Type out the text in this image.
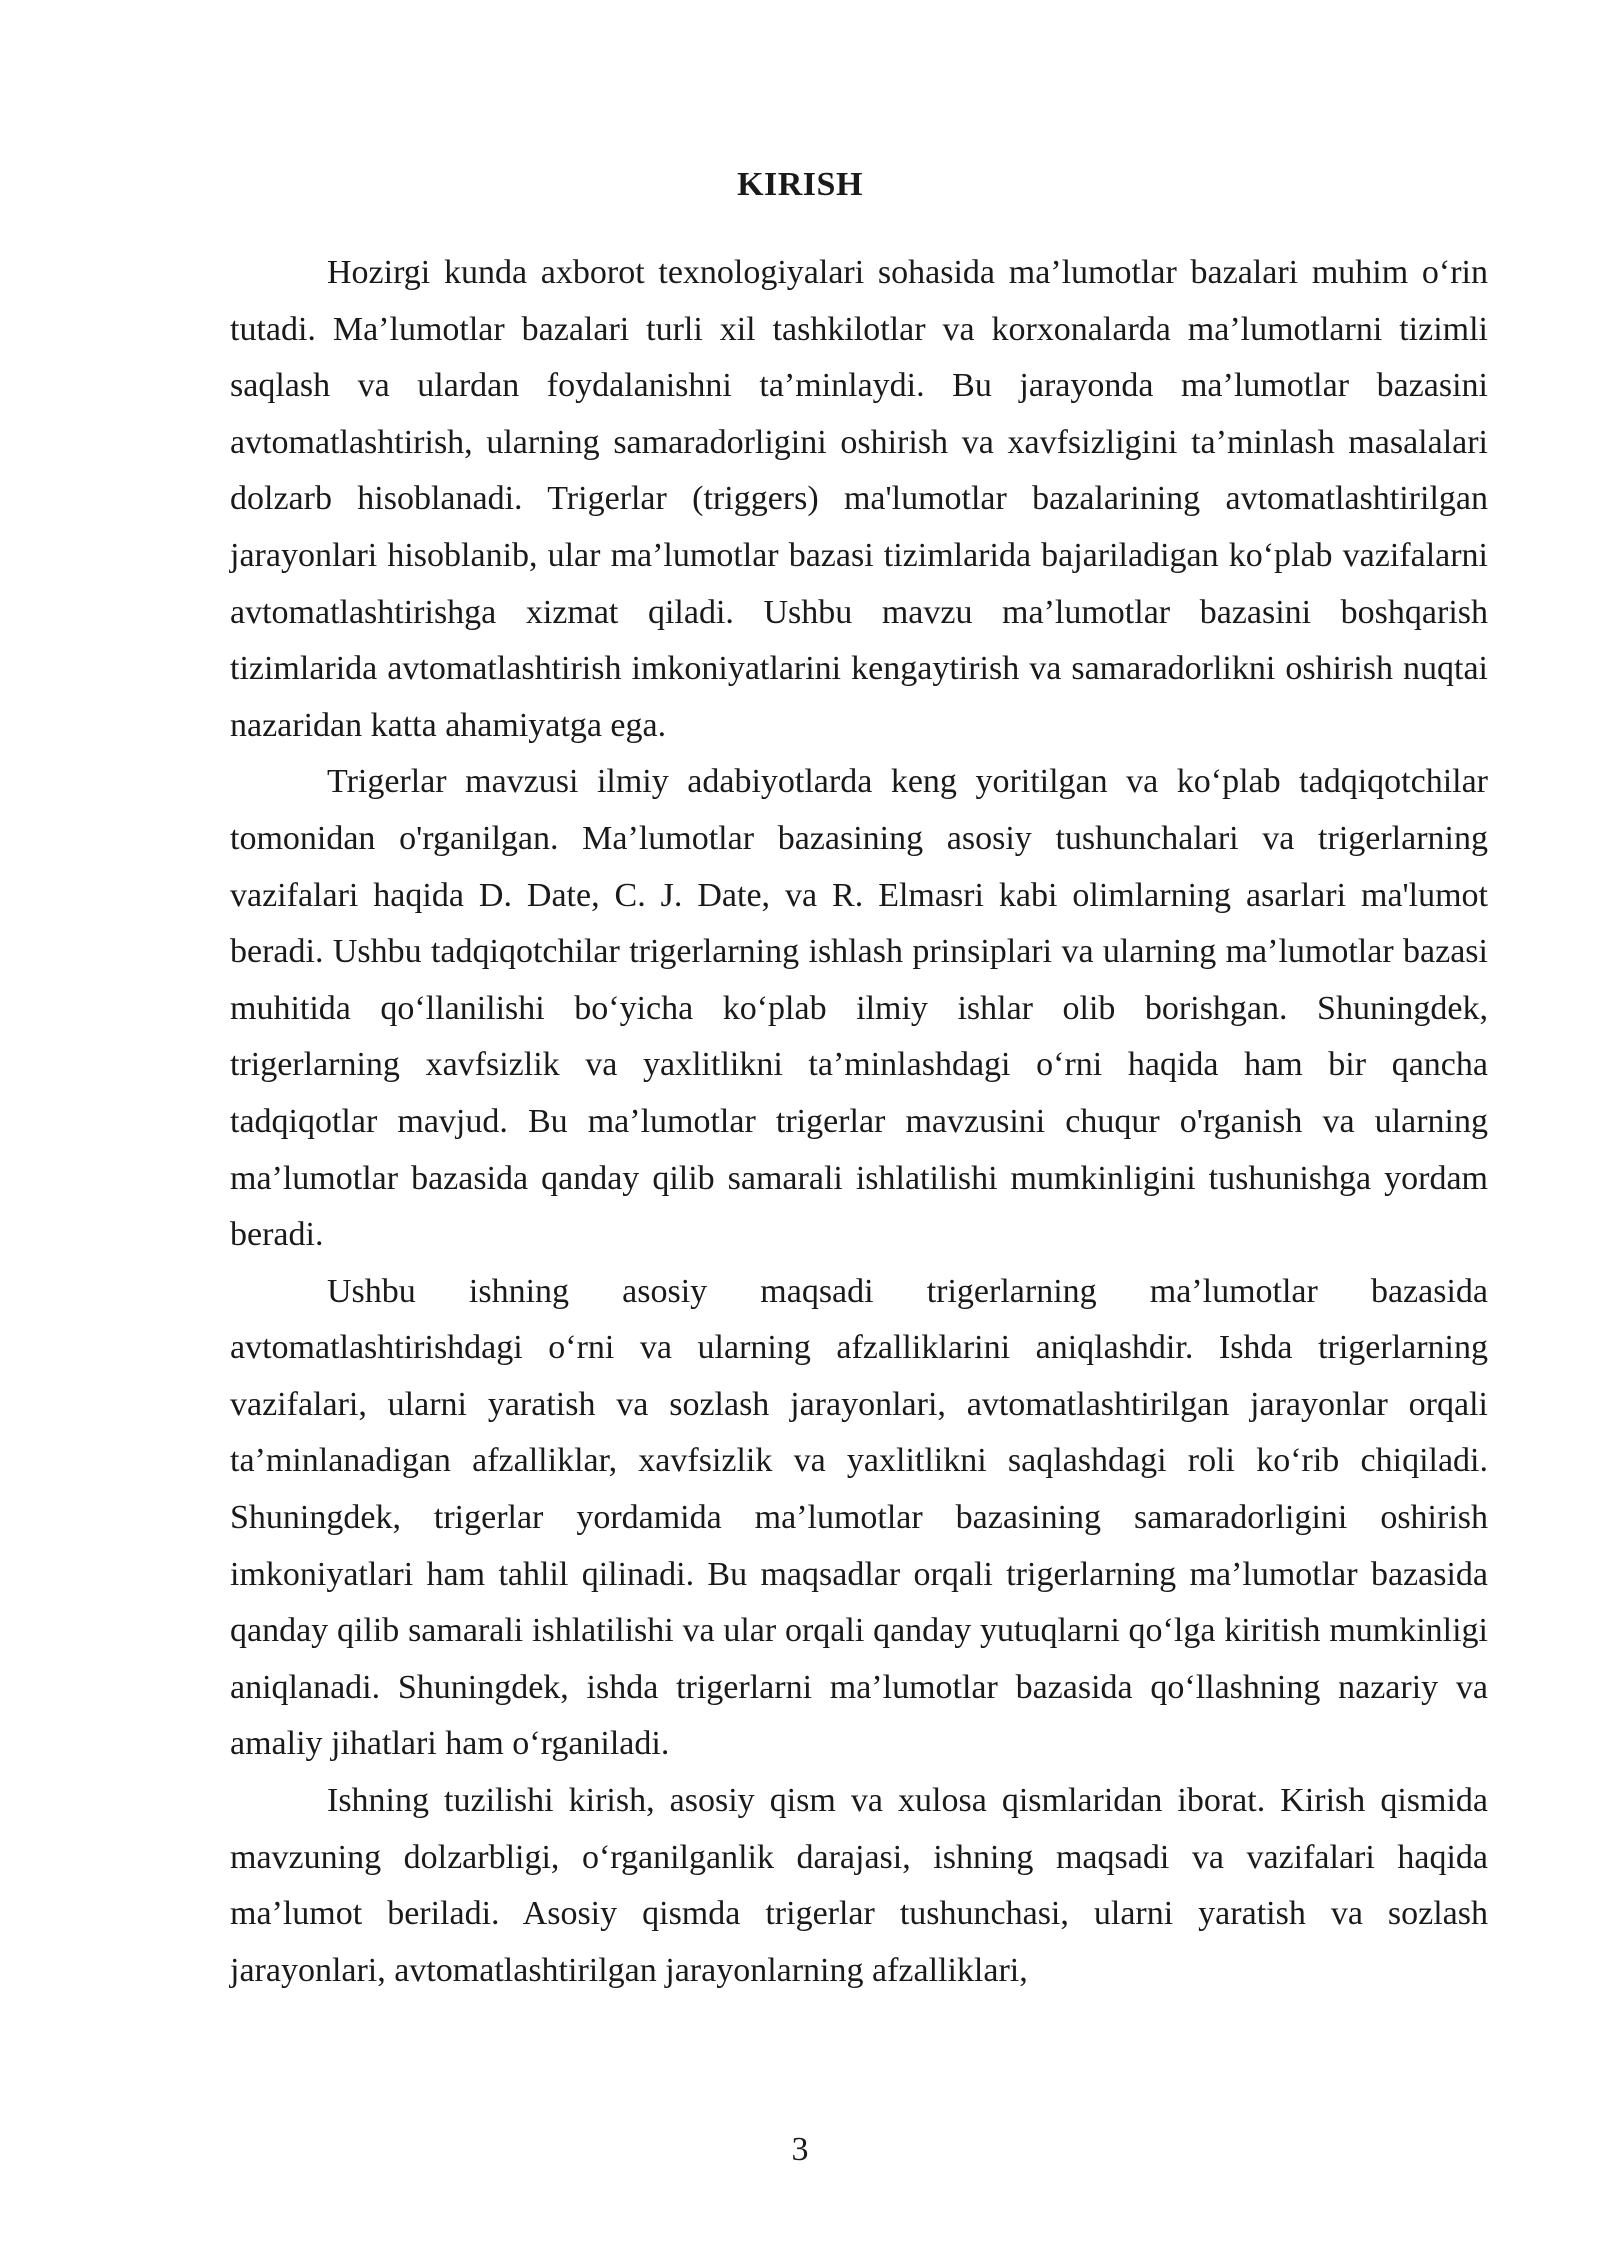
KIRISH

Hozirgi kunda axborot texnologiyalari sohasida ma’lumotlar bazalari muhim o‘rin tutadi. Ma’lumotlar bazalari turli xil tashkilotlar va korxonalarda ma’lumotlarni tizimli saqlash va ulardan foydalanishni ta’minlaydi. Bu jarayonda ma’lumotlar bazasini avtomatlashtirish, ularning samaradorligini oshirish va xavfsizligini ta’minlash masalalari dolzarb hisoblanadi. Trigerlar (triggers) ma'lumotlar bazalarining avtomatlashtirilgan jarayonlari hisoblanib, ular ma’lumotlar bazasi tizimlarida bajariladigan ko‘plab vazifalarni avtomatlashtirishga xizmat qiladi. Ushbu mavzu ma’lumotlar bazasini boshqarish tizimlarida avtomatlashtirish imkoniyatlarini kengaytirish va samaradorlikni oshirish nuqtai nazaridan katta ahamiyatga ega.

Trigerlar mavzusi ilmiy adabiyotlarda keng yoritilgan va ko‘plab tadqiqotchilar tomonidan o'rganilgan. Ma’lumotlar bazasining asosiy tushunchalari va trigerlarning vazifalari haqida D. Date, C. J. Date, va R. Elmasri kabi olimlarning asarlari ma'lumot beradi. Ushbu tadqiqotchilar trigerlarning ishlash prinsiplari va ularning ma’lumotlar bazasi muhitida qo‘llanilishi bo‘yicha ko‘plab ilmiy ishlar olib borishgan. Shuningdek, trigerlarning xavfsizlik va yaxlitlikni ta’minlashdagi o‘rni haqida ham bir qancha tadqiqotlar mavjud. Bu ma’lumotlar trigerlar mavzusini chuqur o'rganish va ularning ma’lumotlar bazasida qanday qilib samarali ishlatilishi mumkinligini tushunishga yordam beradi.

Ushbu ishning asosiy maqsadi trigerlarning ma’lumotlar bazasida avtomatlashtirishdagi o‘rni va ularning afzalliklarini aniqlashdir. Ishda trigerlarning vazifalari, ularni yaratish va sozlash jarayonlari, avtomatlashtirilgan jarayonlar orqali ta’minlanadigan afzalliklar, xavfsizlik va yaxlitlikni saqlashdagi roli ko‘rib chiqiladi. Shuningdek, trigerlar yordamida ma’lumotlar bazasining samaradorligini oshirish imkoniyatlari ham tahlil qilinadi. Bu maqsadlar orqali trigerlarning ma’lumotlar bazasida qanday qilib samarali ishlatilishi va ular orqali qanday yutuqlarni qo‘lga kiritish mumkinligi aniqlanadi. Shuningdek, ishda trigerlarni ma’lumotlar bazasida qo‘llashning nazariy va amaliy jihatlari ham o‘rganiladi.

Ishning tuzilishi kirish, asosiy qism va xulosa qismlaridan iborat. Kirish qismida mavzuning dolzarbligi, o‘rganilganlik darajasi, ishning maqsadi va vazifalari haqida ma’lumot beriladi. Asosiy qismda trigerlar tushunchasi, ularni yaratish va sozlash jarayonlari, avtomatlashtirilgan jarayonlarning afzalliklari,

3
